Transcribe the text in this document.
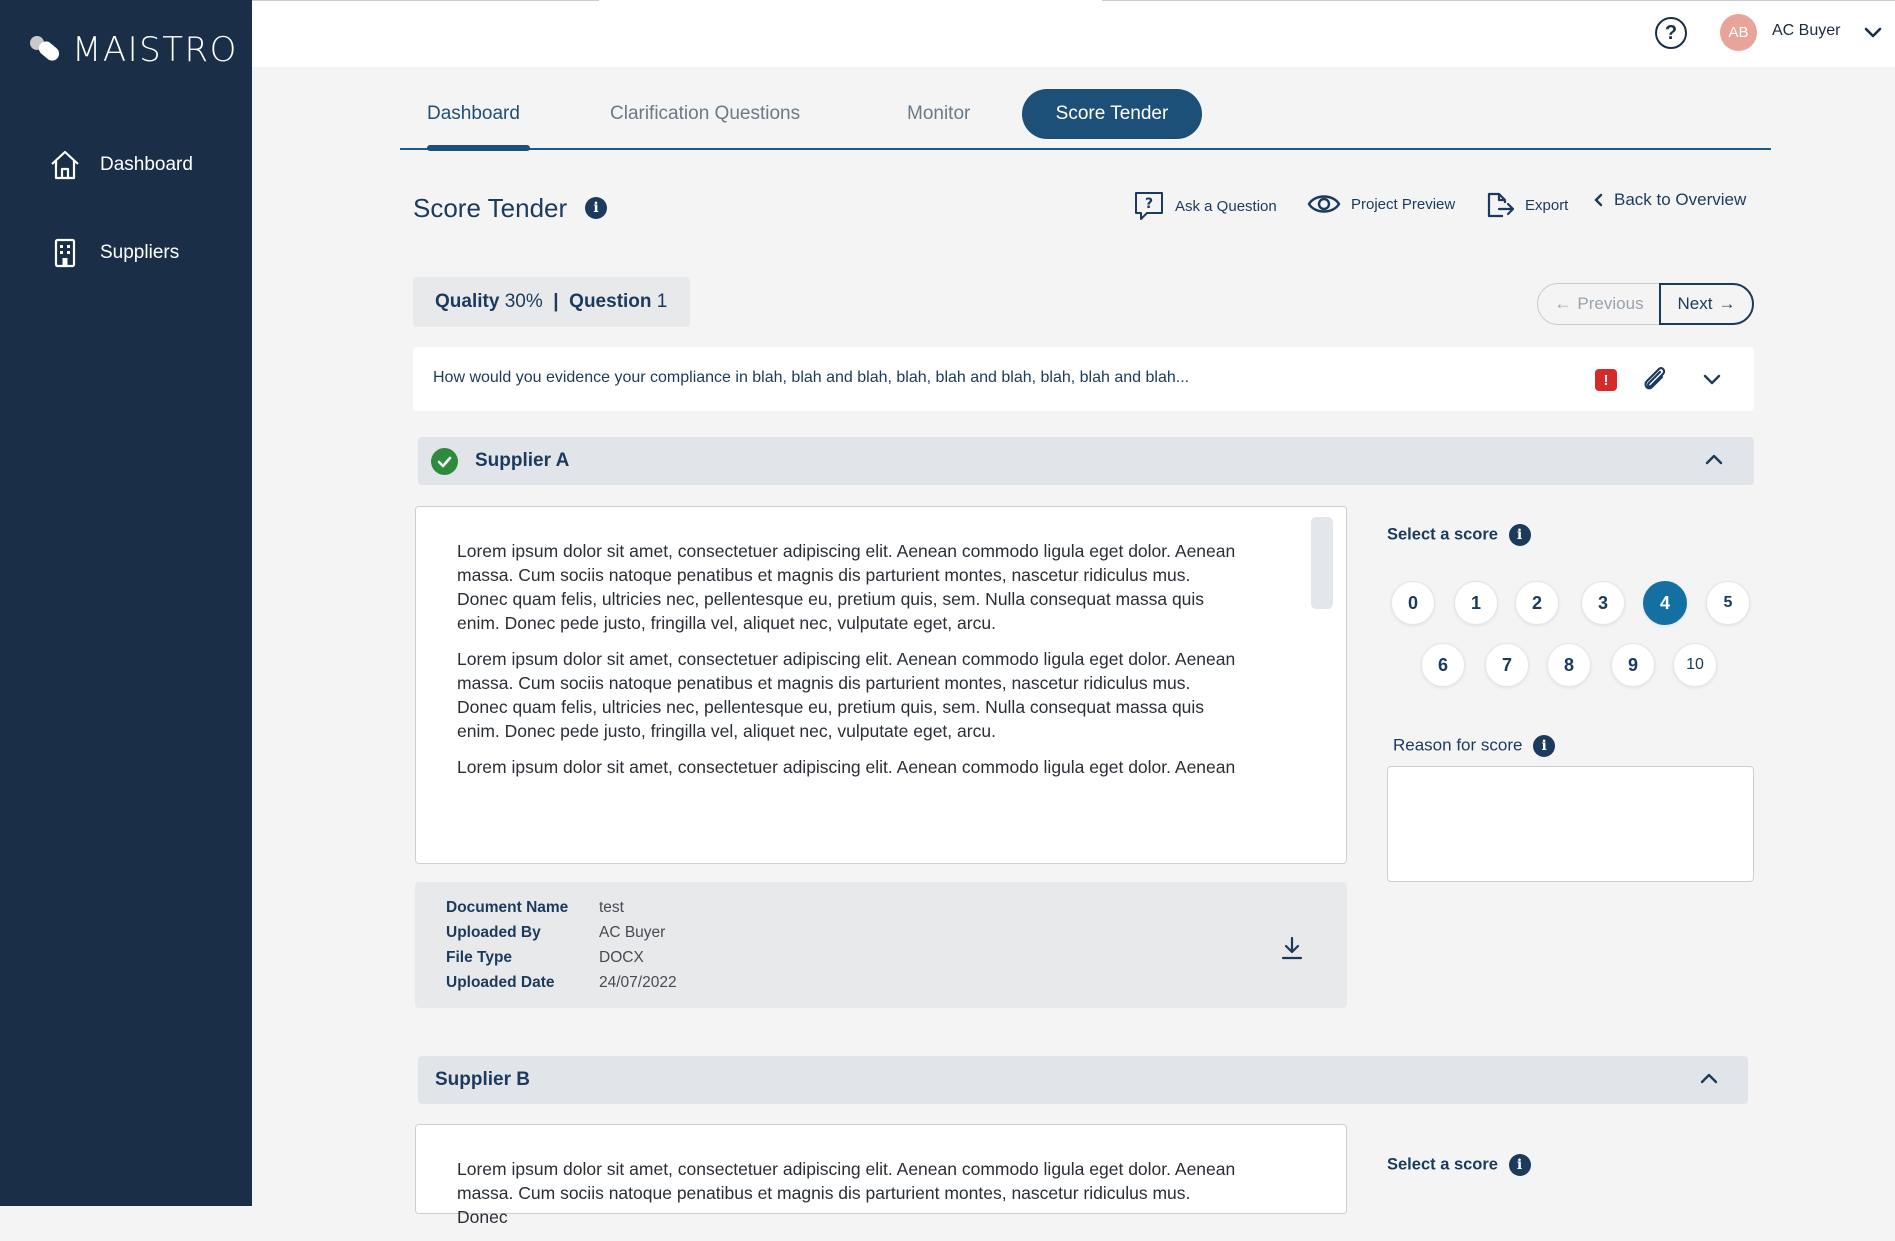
MAISTRO
Dashboard
Suppliers
?	AB	AC Buyer
Dashboard	Clarification Questions	Monitor	Score Tender
Score Tender	i	? Ask a Question	Project Preview	Export	Back to Overview
Quality
30%
|
Question
1	← Previous Next →
How would you evidence your compliance in blah, blah and blah, blah, blah and blah, blah, blah and blah...	!
Supplier A

Lorem ipsum dolor sit amet, consectetuer adipiscing elit. Aenean commodo ligula eget dolor. Aenean massa. Cum sociis natoque penatibus et magnis dis parturient montes, nascetur ridiculus mus. Donec quam felis, ultricies nec, pellentesque eu, pretium quis, sem. Nulla consequat massa quis enim. Donec pede justo, fringilla vel, aliquet nec, vulputate eget, arcu.

Lorem ipsum dolor sit amet, consectetuer adipiscing elit. Aenean commodo ligula eget dolor. Aenean massa. Cum sociis natoque penatibus et magnis dis parturient montes, nascetur ridiculus mus. Donec quam felis, ultricies nec, pellentesque eu, pretium quis, sem. Nulla consequat massa quis enim. Donec pede justo, fringilla vel, aliquet nec, vulputate eget, arcu.

Lorem ipsum dolor sit amet, consectetuer adipiscing elit. Aenean commodo ligula eget dolor. Aenean

Document Name test
Uploaded By	AC Buyer
File Type	DOCX
Uploaded Date	24/07/2022
Select a score i
0	1	2	3	4	5
6	7	8	9	10
Reason for score i
Supplier B

Lorem ipsum dolor sit amet, consectetuer adipiscing elit. Aenean commodo ligula eget dolor. Aenean massa. Cum sociis natoque penatibus et magnis dis parturient montes, nascetur ridiculus mus. Donec

Select a score i
